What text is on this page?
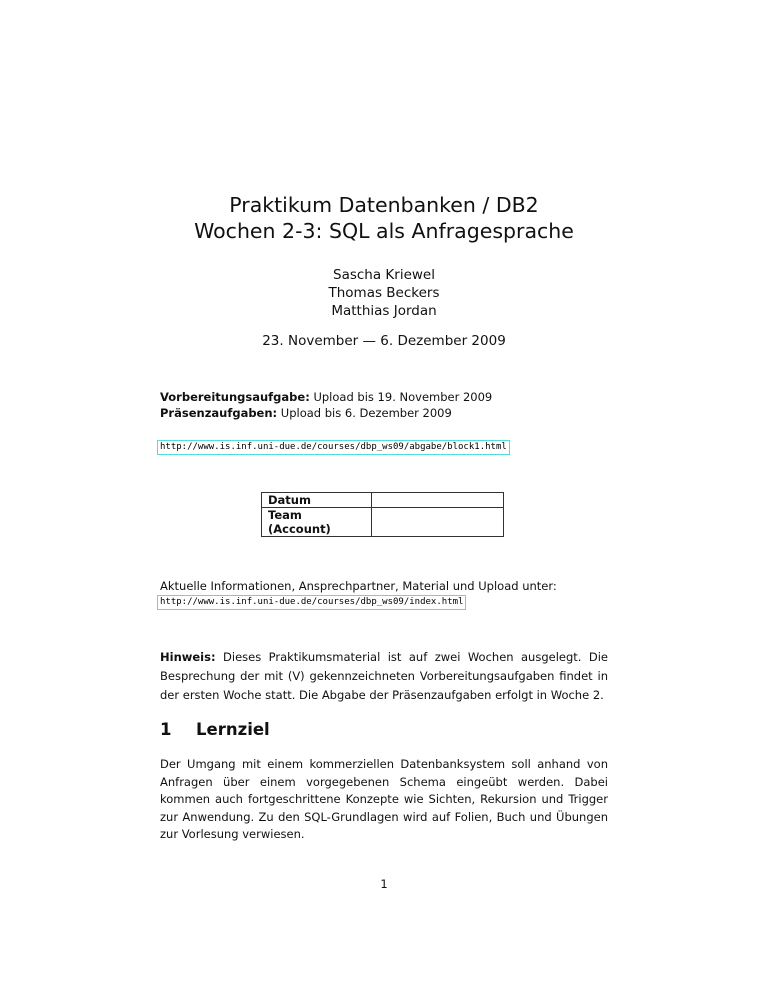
Praktikum Datenbanken / DB2
Wochen 2-3: SQL als Anfragesprache
Sascha Kriewel
Thomas Beckers
Matthias Jordan
23. November — 6. Dezember 2009
Vorbereitungsaufgabe: Upload bis 19. November 2009
Präsenzaufgaben: Upload bis 6. Dezember 2009
http://www.is.inf.uni-due.de/courses/dbp_ws09/abgabe/block1.html
Datum	
Team (Account)	
Aktuelle Informationen, Ansprechpartner, Material und Upload unter:
http://www.is.inf.uni-due.de/courses/dbp_ws09/index.html
Hinweis: Dieses Praktikumsmaterial ist auf zwei Wochen ausgelegt. Die Besprechung der mit (V) gekennzeichneten Vorbereitungsaufgaben findet in der ersten Woche statt. Die Abgabe der Präsenzaufgaben erfolgt in Woche 2.
1 Lernziel
Der Umgang mit einem kommerziellen Datenbanksystem soll anhand von Anfragen über einem vorgegebenen Schema eingeübt werden. Dabei kommen auch fortgeschrittene Konzepte wie Sichten, Rekursion und Trigger zur Anwendung. Zu den SQL-Grundlagen wird auf Folien, Buch und Übungen zur Vorlesung verwiesen.
1
